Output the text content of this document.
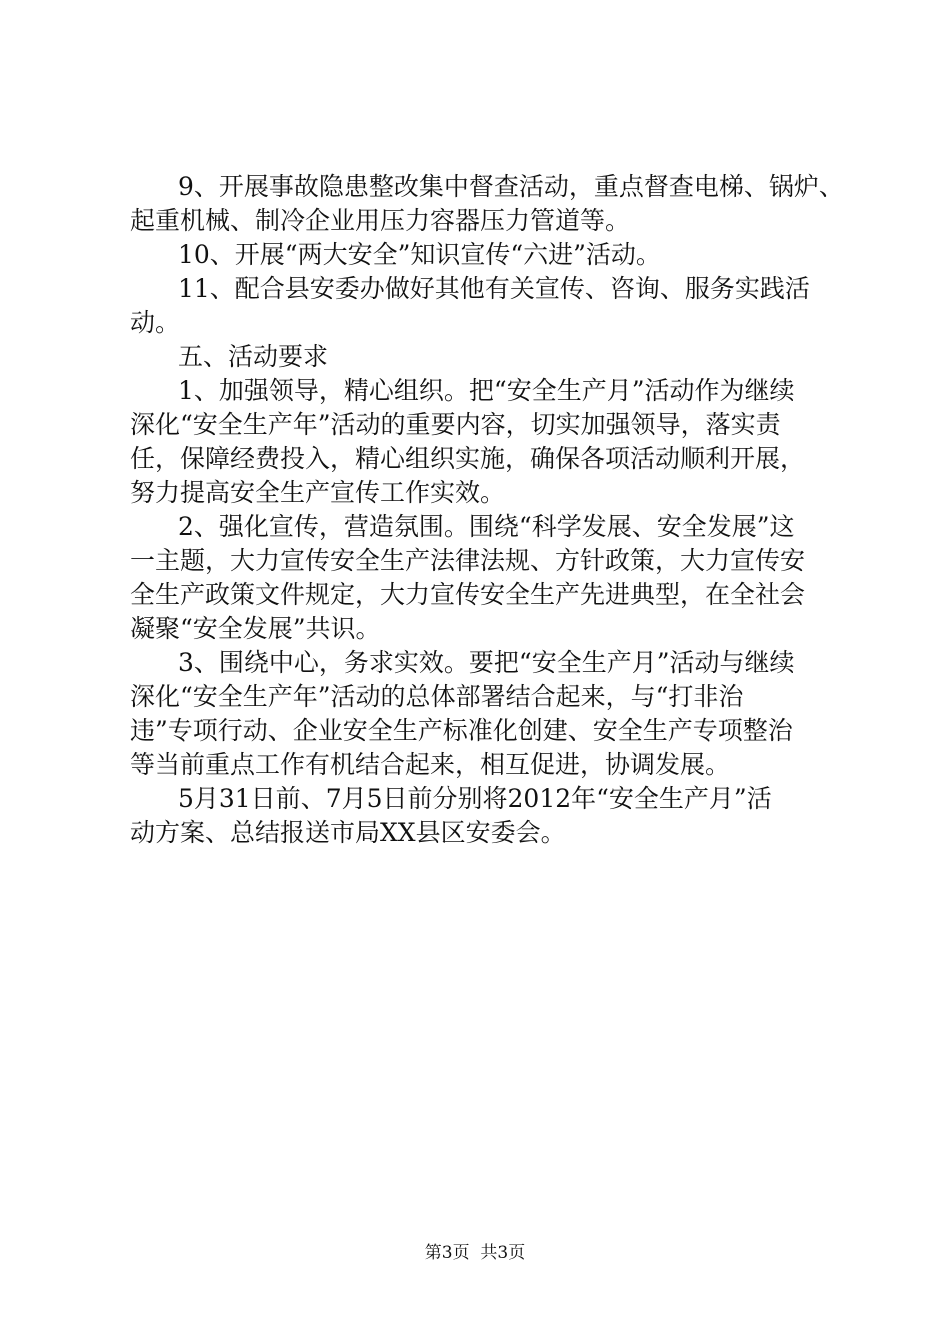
9、开展事故隐患整改集中督查活动，重点督查电梯、锅炉、
起重机械、制冷企业用压力容器压力管道等。
10、开展“两大安全”知识宣传“六进”活动。
11、配合县安委办做好其他有关宣传、咨询、服务实践活
动。
五、活动要求
1、加强领导，精心组织。把“安全生产月”活动作为继续
深化“安全生产年”活动的重要内容，切实加强领导，落实责
任，保障经费投入，精心组织实施，确保各项活动顺利开展，
努力提高安全生产宣传工作实效。
2、强化宣传，营造氛围。围绕“科学发展、安全发展”这
一主题，大力宣传安全生产法律法规、方针政策，大力宣传安
全生产政策文件规定，大力宣传安全生产先进典型，在全社会
凝聚“安全发展”共识。
3、围绕中心，务求实效。要把“安全生产月”活动与继续
深化“安全生产年”活动的总体部署结合起来，与“打非治
违”专项行动、企业安全生产标准化创建、安全生产专项整治
等当前重点工作有机结合起来，相互促进，协调发展。
5月31日前、7月5日前分别将2012年“安全生产月”活
动方案、总结报送市局XX县区安委会。
第3页  共3页
